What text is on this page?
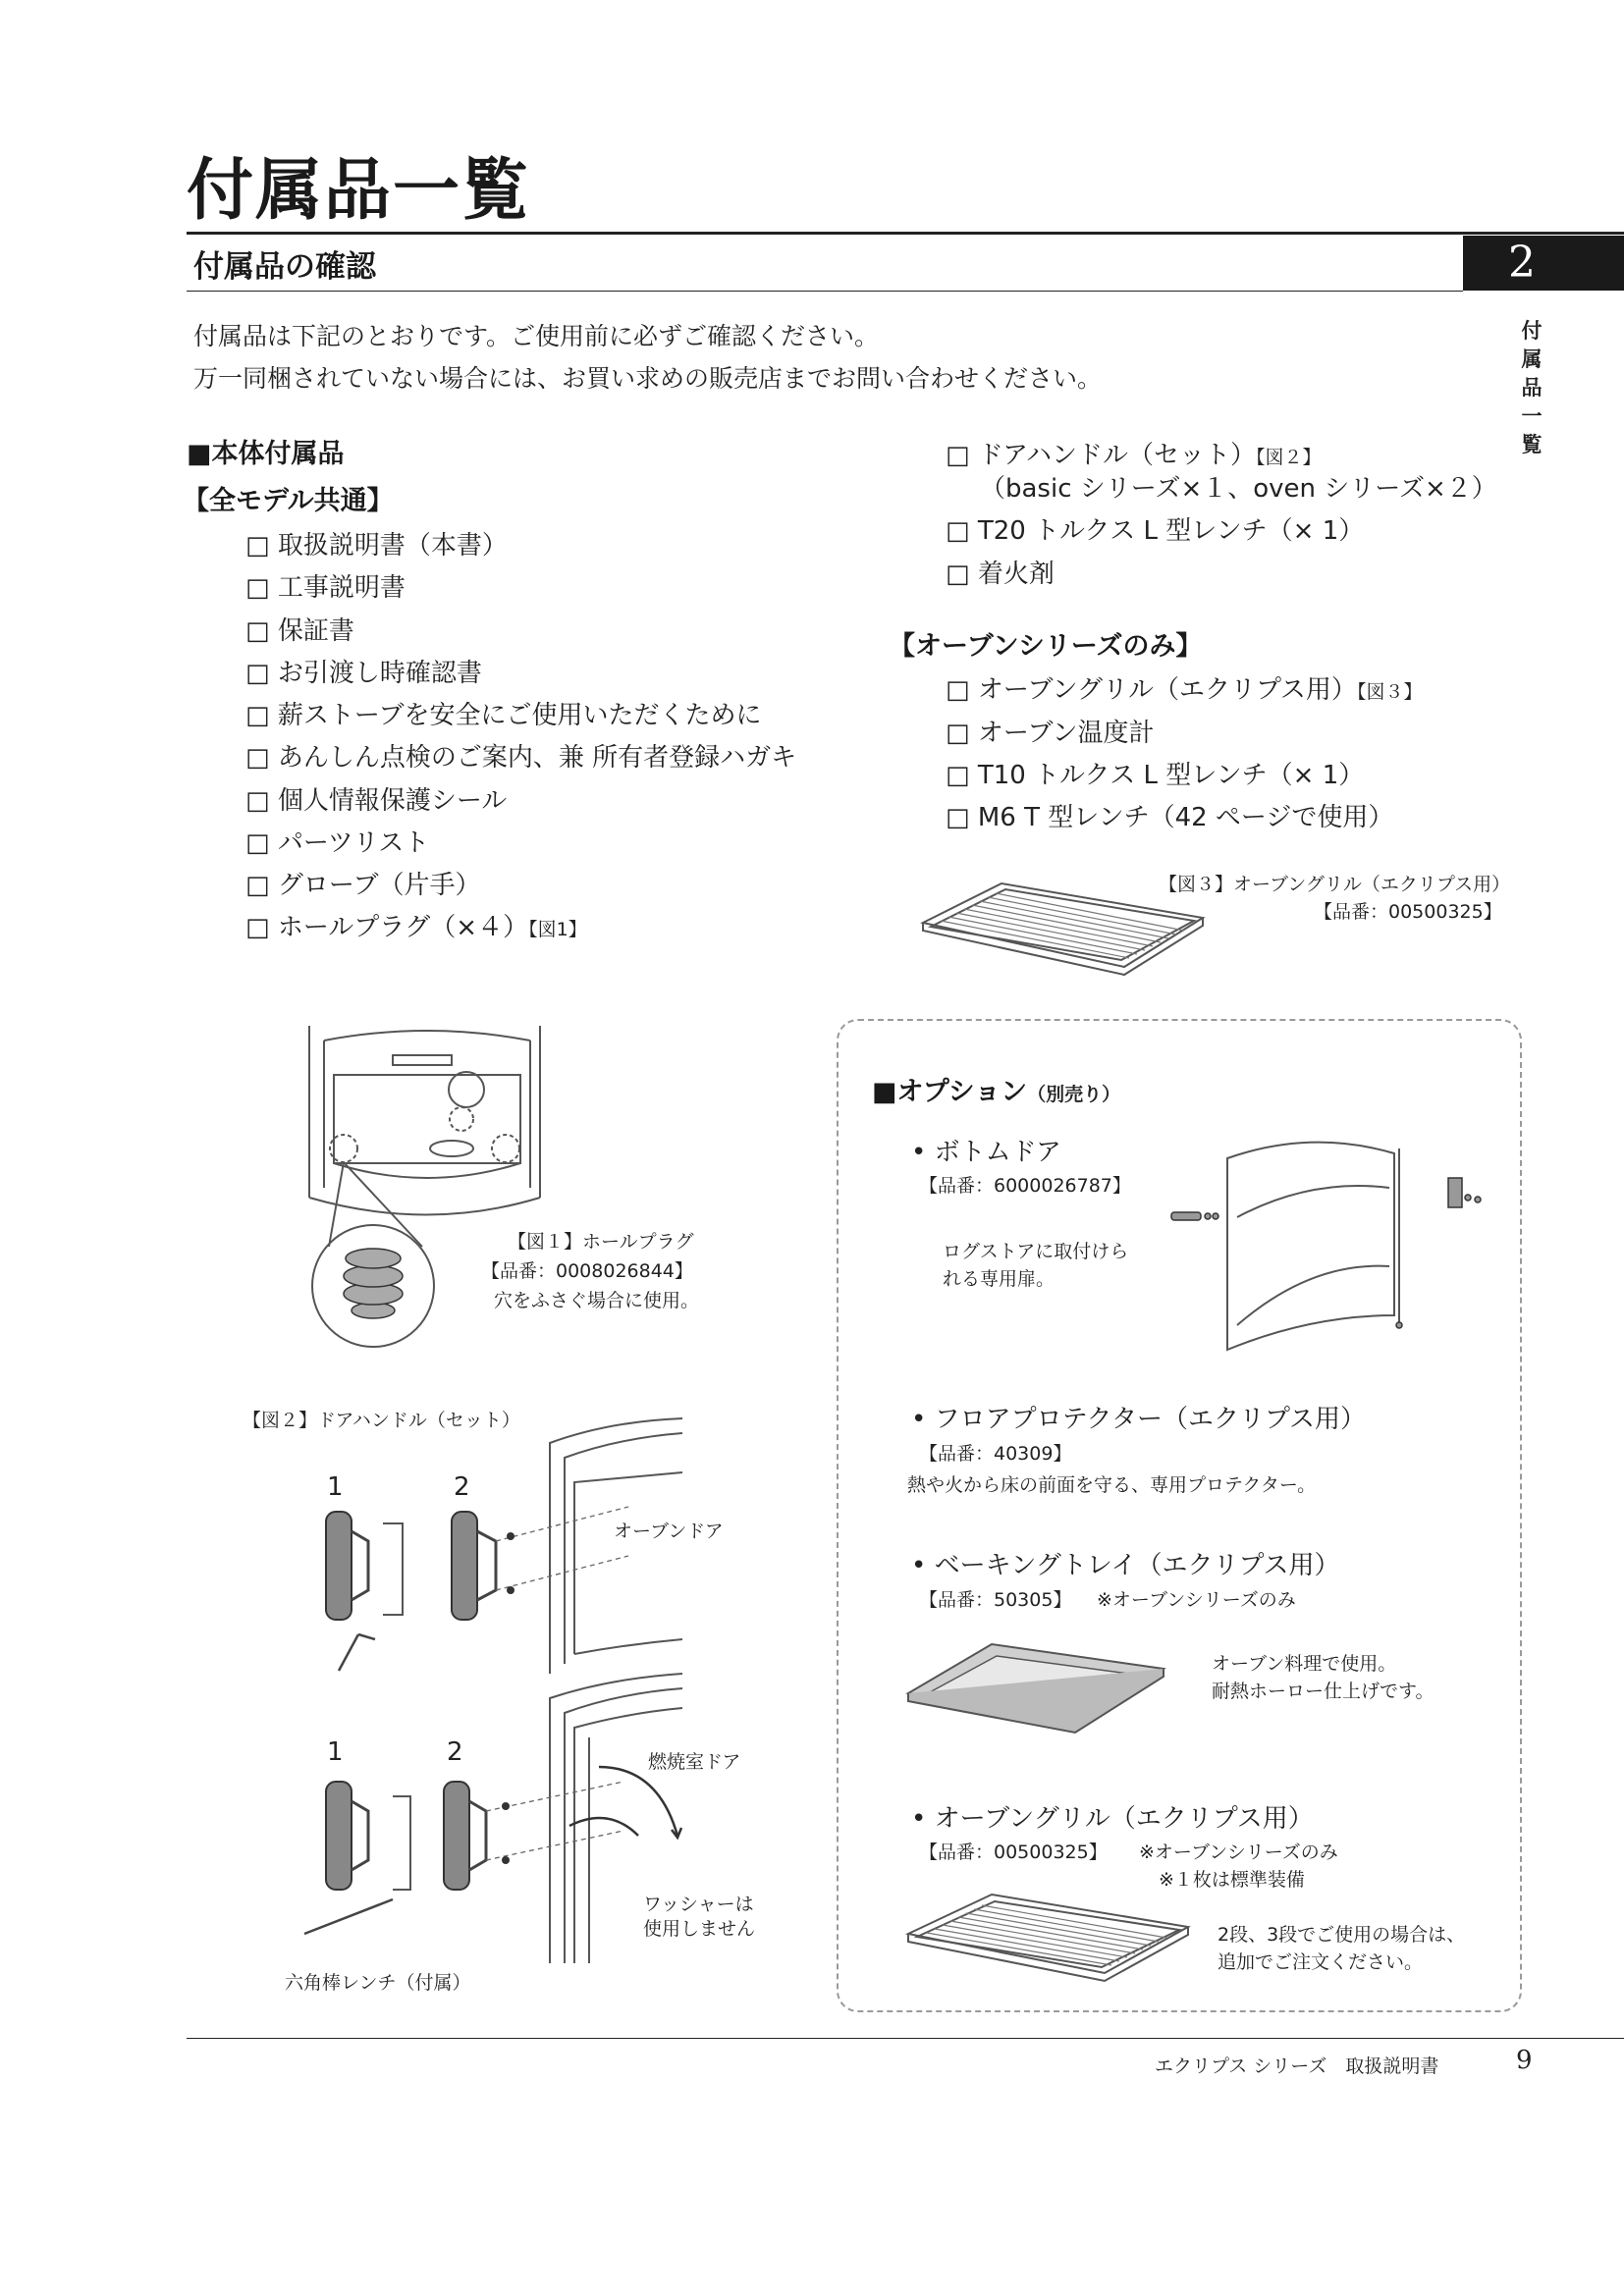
付属品一覧
付属品の確認	2
付
属
品
一
覧
付属品は下記のとおりです。ご使用前に必ずご確認ください。
万一同梱されていない場合には、お買い求めの販売店までお問い合わせください。
■本体付属品
【全モデル共通】
□ 取扱説明書（本書）
□ 工事説明書
□ 保証書
□ お引渡し時確認書
□ 薪ストーブを安全にご使用いただくために
□ あんしん点検のご案内、兼 所有者登録ハガキ
□ 個人情報保護シール
□ パーツリスト
□ グローブ（片手）
□ ホールプラグ（×４）【図1】
□ ドアハンドル（セット）【図２】
（basic シリーズ×１、oven シリーズ×２）
□ T20 トルクス L 型レンチ（× 1）
□ 着火剤
【オーブンシリーズのみ】
□ オーブングリル（エクリプス用）【図３】
□ オーブン温度計
□ T10 トルクス L 型レンチ（× 1）
□ M6 T 型レンチ（42 ページで使用）
【図３】オーブングリル（エクリプス用）
【品番：00500325】
【図１】ホールプラグ
【品番：0008026844】
穴をふさぐ場合に使用。
【図２】ドアハンドル（セット）
1	2
1	2
オーブンドア
燃焼室ドア
ワッシャーは
使用しません
六角棒レンチ（付属）
■オプション（別売り）
• ボトムドア
【品番：6000026787】
ログストアに取付けら
れる専用扉。
• フロアプロテクター（エクリプス用）
【品番：40309】
熱や火から床の前面を守る、専用プロテクター。
• ベーキングトレイ（エクリプス用）
【品番：50305】 ※オーブンシリーズのみ
オーブン料理で使用。
耐熱ホーロー仕上げです。
• オーブングリル（エクリプス用）
【品番：00500325】 ※オーブンシリーズのみ
※１枚は標準装備
2段、3段でご使用の場合は、
追加でご注文ください。
エクリプス シリーズ　取扱説明書	9
